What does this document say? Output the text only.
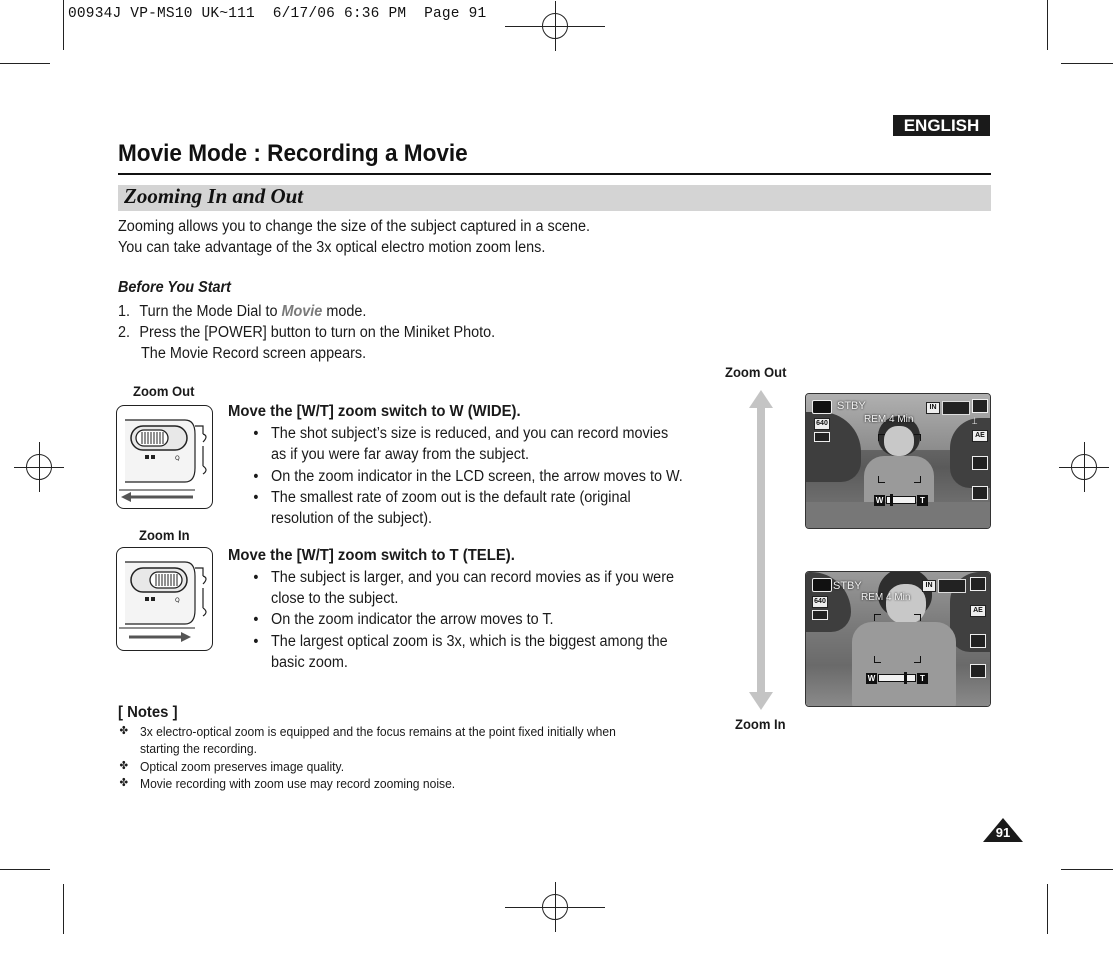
00934J VP-MS10 UK~111 6/17/06 6:36 PM Page 91
ENGLISH
Movie Mode : Recording a Movie
Zooming In and Out
Zooming allows you to change the size of the subject captured in a scene.
You can take advantage of the 3x optical electro motion zoom lens.
Before You Start
1. Turn the Mode Dial to Movie mode.
2. Press the [POWER] button to turn on the Miniket Photo.
The Movie Record screen appears.
Zoom Out
Q
Move the [W/T] zoom switch to W (WIDE).
• The shot subject’s size is reduced, and you can record movies
as if you were far away from the subject.
• On the zoom indicator in the LCD screen, the arrow moves to W.
• The smallest rate of zoom out is the default rate (original
resolution of the subject).
Zoom In
Q
Move the [W/T] zoom switch to T (TELE).
• The subject is larger, and you can record movies as if you were
close to the subject.
• On the zoom indicator the arrow moves to T.
• The largest optical zoom is 3x, which is the biggest among the
basic zoom.
[ Notes ]
✤ 3x electro-optical zoom is equipped and the focus remains at the point fixed initially when
starting the recording.
✤ Optical zoom preserves image quality.
✤ Movie recording with zoom use may record zooming noise.
Zoom Out
Zoom In
STBY	IN
640	REM 4 Min	⟘
AE
W	T
STBY	IN
640	REM 4 Min
AE
W	T
91
